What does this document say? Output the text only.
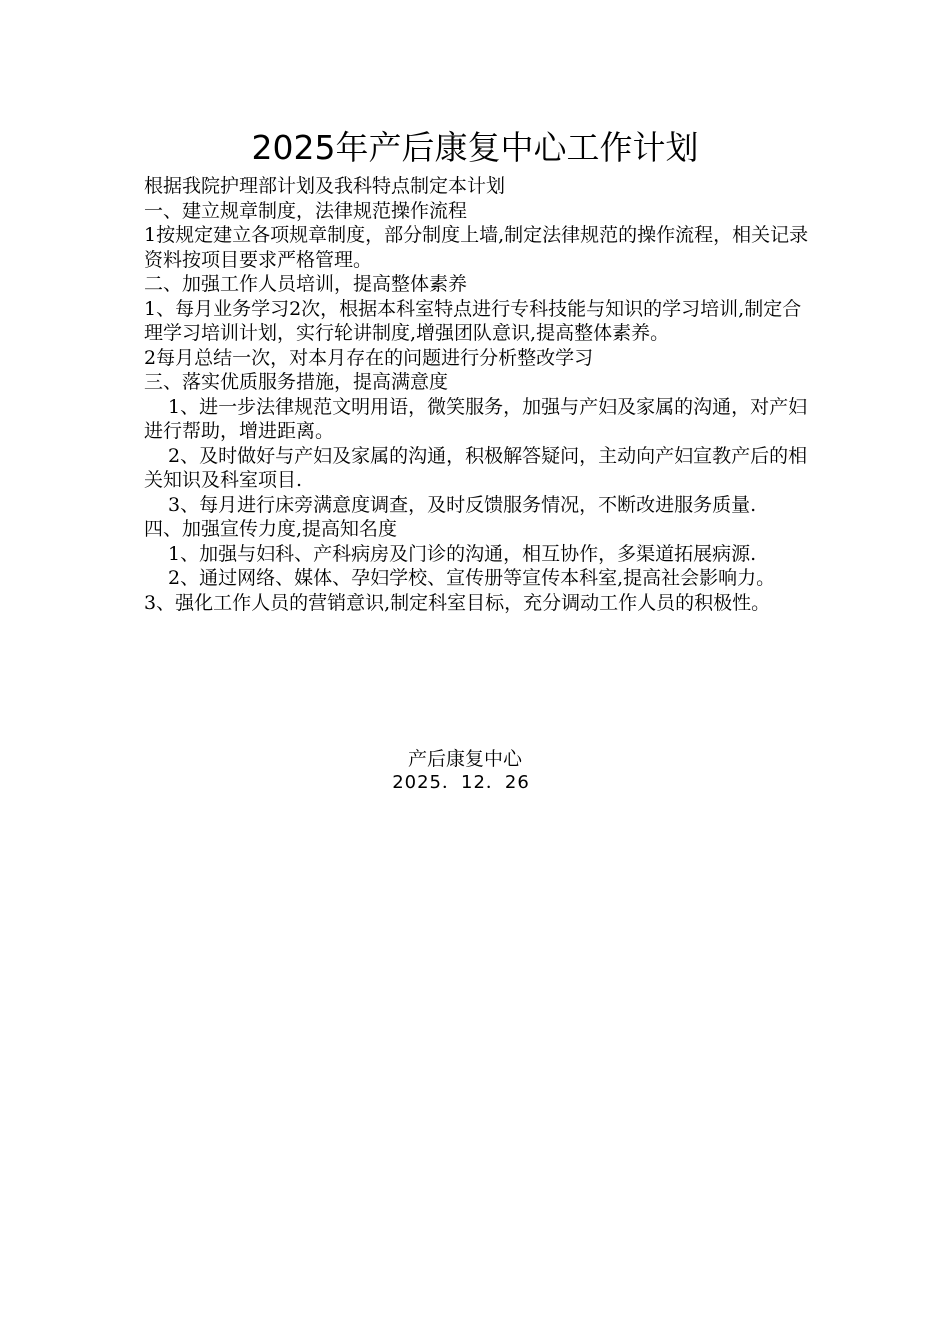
2025年产后康复中心工作计划

根据我院护理部计划及我科特点制定本计划

一、建立规章制度，法律规范操作流程

1按规定建立各项规章制度，部分制度上墙,制定法律规范的操作流程，相关记录资料按项目要求严格管理。

二、加强工作人员培训，提高整体素养

1、每月业务学习2次，根据本科室特点进行专科技能与知识的学习培训,制定合理学习培训计划，实行轮讲制度,增强团队意识,提高整体素养。

2每月总结一次，对本月存在的问题进行分析整改学习

三、落实优质服务措施，提高满意度

1、进一步法律规范文明用语，微笑服务，加强与产妇及家属的沟通，对产妇进行帮助，增进距离。

2、及时做好与产妇及家属的沟通，积极解答疑问，主动向产妇宣教产后的相关知识及科室项目.

3、每月进行床旁满意度调查，及时反馈服务情况，不断改进服务质量.

四、加强宣传力度,提高知名度

1、加强与妇科、产科病房及门诊的沟通，相互协作，多渠道拓展病源.

2、通过网络、媒体、孕妇学校、宣传册等宣传本科室,提高社会影响力。

3、强化工作人员的营销意识,制定科室目标，充分调动工作人员的积极性。

产后康复中心
2025．12．26
